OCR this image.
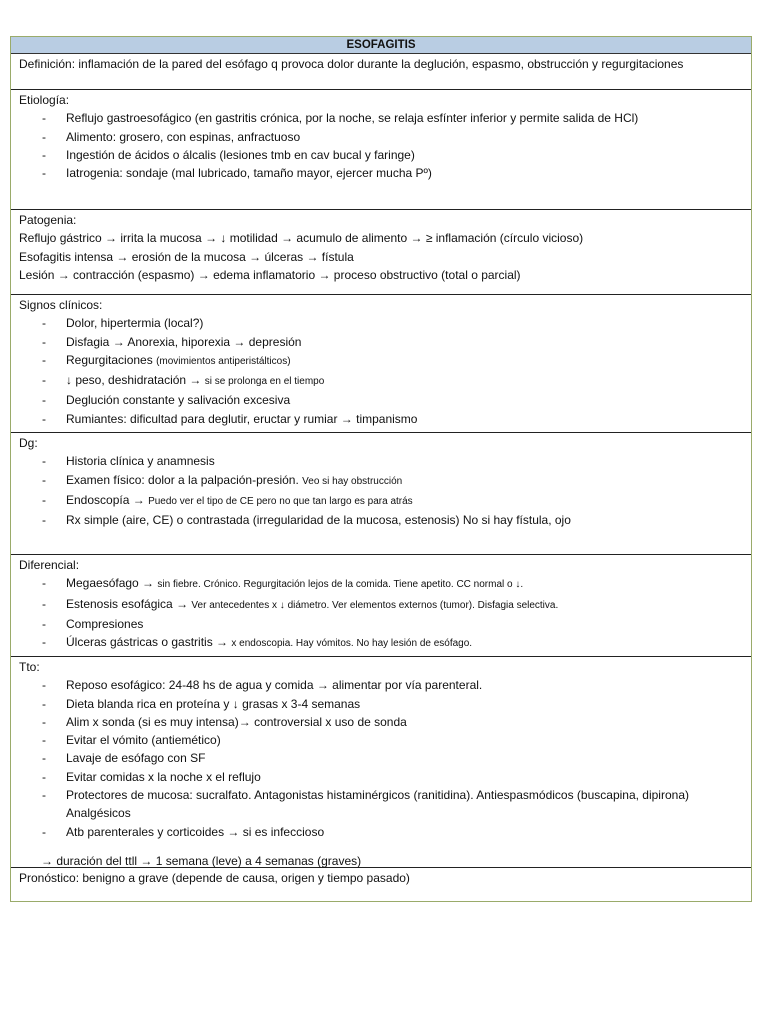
ESOFAGITIS
Definición: inflamación de la pared del esófago q provoca dolor durante la deglución, espasmo, obstrucción y regurgitaciones
Etiología:
- Reflujo gastroesofágico (en gastritis crónica, por la noche, se relaja esfínter inferior y permite salida de HCl)
- Alimento: grosero, con espinas, anfractuoso
- Ingestión de ácidos o álcalis (lesiones tmb en cav bucal y faringe)
- Iatrogenia: sondaje (mal lubricado, tamaño mayor, ejercer mucha Pº)
Patogenia:
Reflujo gástrico → irrita la mucosa → ↓ motilidad → acumulo de alimento → ≥ inflamación (círculo vicioso)
Esofagitis intensa → erosión de la mucosa → úlceras → fístula
Lesión → contracción (espasmo) → edema inflamatorio → proceso obstructivo (total o parcial)
Signos clínicos:
- Dolor, hipertermia (local?)
- Disfagia → Anorexia, hiporexia → depresión
- Regurgitaciones (movimientos antiperistálticos)
- ↓ peso, deshidratación → si se prolonga en el tiempo
- Deglución constante y salivación excesiva
- Rumiantes: dificultad para deglutir, eructar y rumiar → timpanismo
Dg:
- Historia clínica y anamnesis
- Examen físico: dolor a la palpación-presión. Veo si hay obstrucción
- Endoscopía → Puedo ver el tipo de CE pero no que tan largo es para atrás
- Rx simple (aire, CE) o contrastada (irregularidad de la mucosa, estenosis) No si hay fístula, ojo
Diferencial:
- Megaesófago → sin fiebre. Crónico. Regurgitación lejos de la comida. Tiene apetito. CC normal o ↓.
- Estenosis esofágica → Ver antecedentes x ↓ diámetro. Ver elementos externos (tumor). Disfagia selectiva.
- Compresiones
- Úlceras gástricas o gastritis → x endoscopia. Hay vómitos. No hay lesión de esófago.
Tto:
- Reposo esofágico: 24-48 hs de agua y comida → alimentar por vía parenteral.
- Dieta blanda rica en proteína y ↓ grasas x 3-4 semanas
- Alim x sonda (si es muy intensa)→ controversial x uso de sonda
- Evitar el vómito (antiemético)
- Lavaje de esófago con SF
- Evitar comidas x la noche x el reflujo
- Protectores de mucosa: sucralfato. Antagonistas histaminérgicos (ranitidina). Antiespasmódicos (buscapina, dipirona)
Analgésicos
- Atb parenterales y corticoides → si es infeccioso
→ duración del ttll → 1 semana (leve) a 4 semanas (graves)
Pronóstico: benigno a grave (depende de causa, origen y tiempo pasado)
